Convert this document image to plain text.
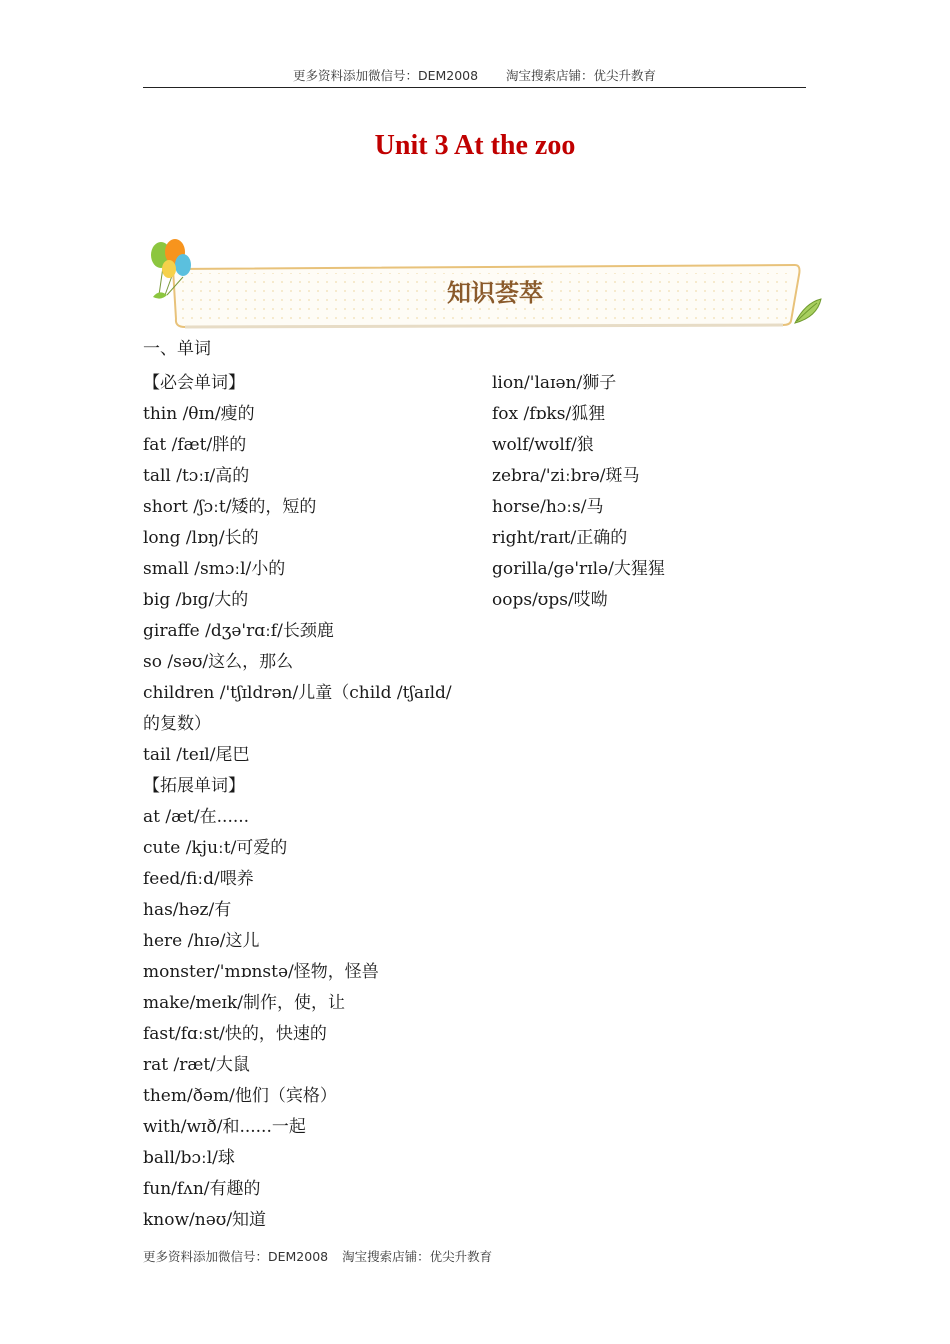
更多资料添加微信号：DEM2008 淘宝搜索店铺：优尖升教育
Unit 3 At the zoo
知识荟萃
一、单词
【必会单词】
thin /θɪn/瘦的
fat /fæt/胖的
tall /tɔːɪ/高的
short /ʃɔːt/矮的，短的
long /lɒŋ/长的
small /smɔːl/小的
big /bɪg/大的
giraffe /dʒə'rɑːf/长颈鹿
so /səʊ/这么，那么
children /'tʃɪldrən/儿童（child /tʃaɪld/的复数）
tail /teɪl/尾巴
【拓展单词】
at /æt/在......
cute /kjuːt/可爱的
feed/fiːd/喂养
has/həz/有
here /hɪə/这儿
monster/'mɒnstə/怪物，怪兽
make/meɪk/制作，使，让
fast/fɑːst/快的，快速的
rat /ræt/大鼠
them/ðəm/他们（宾格）
with/wɪð/和......一起
ball/bɔːl/球
fun/fʌn/有趣的
know/nəʊ/知道
lion/'laɪən/狮子
fox /fɒks/狐狸
wolf/wʊlf/狼
zebra/'ziːbrə/斑马
horse/hɔːs/马
right/raɪt/正确的
gorilla/gə'rɪlə/大猩猩
oops/ʊps/哎呦
更多资料添加微信号：DEM2008 淘宝搜索店铺：优尖升教育
